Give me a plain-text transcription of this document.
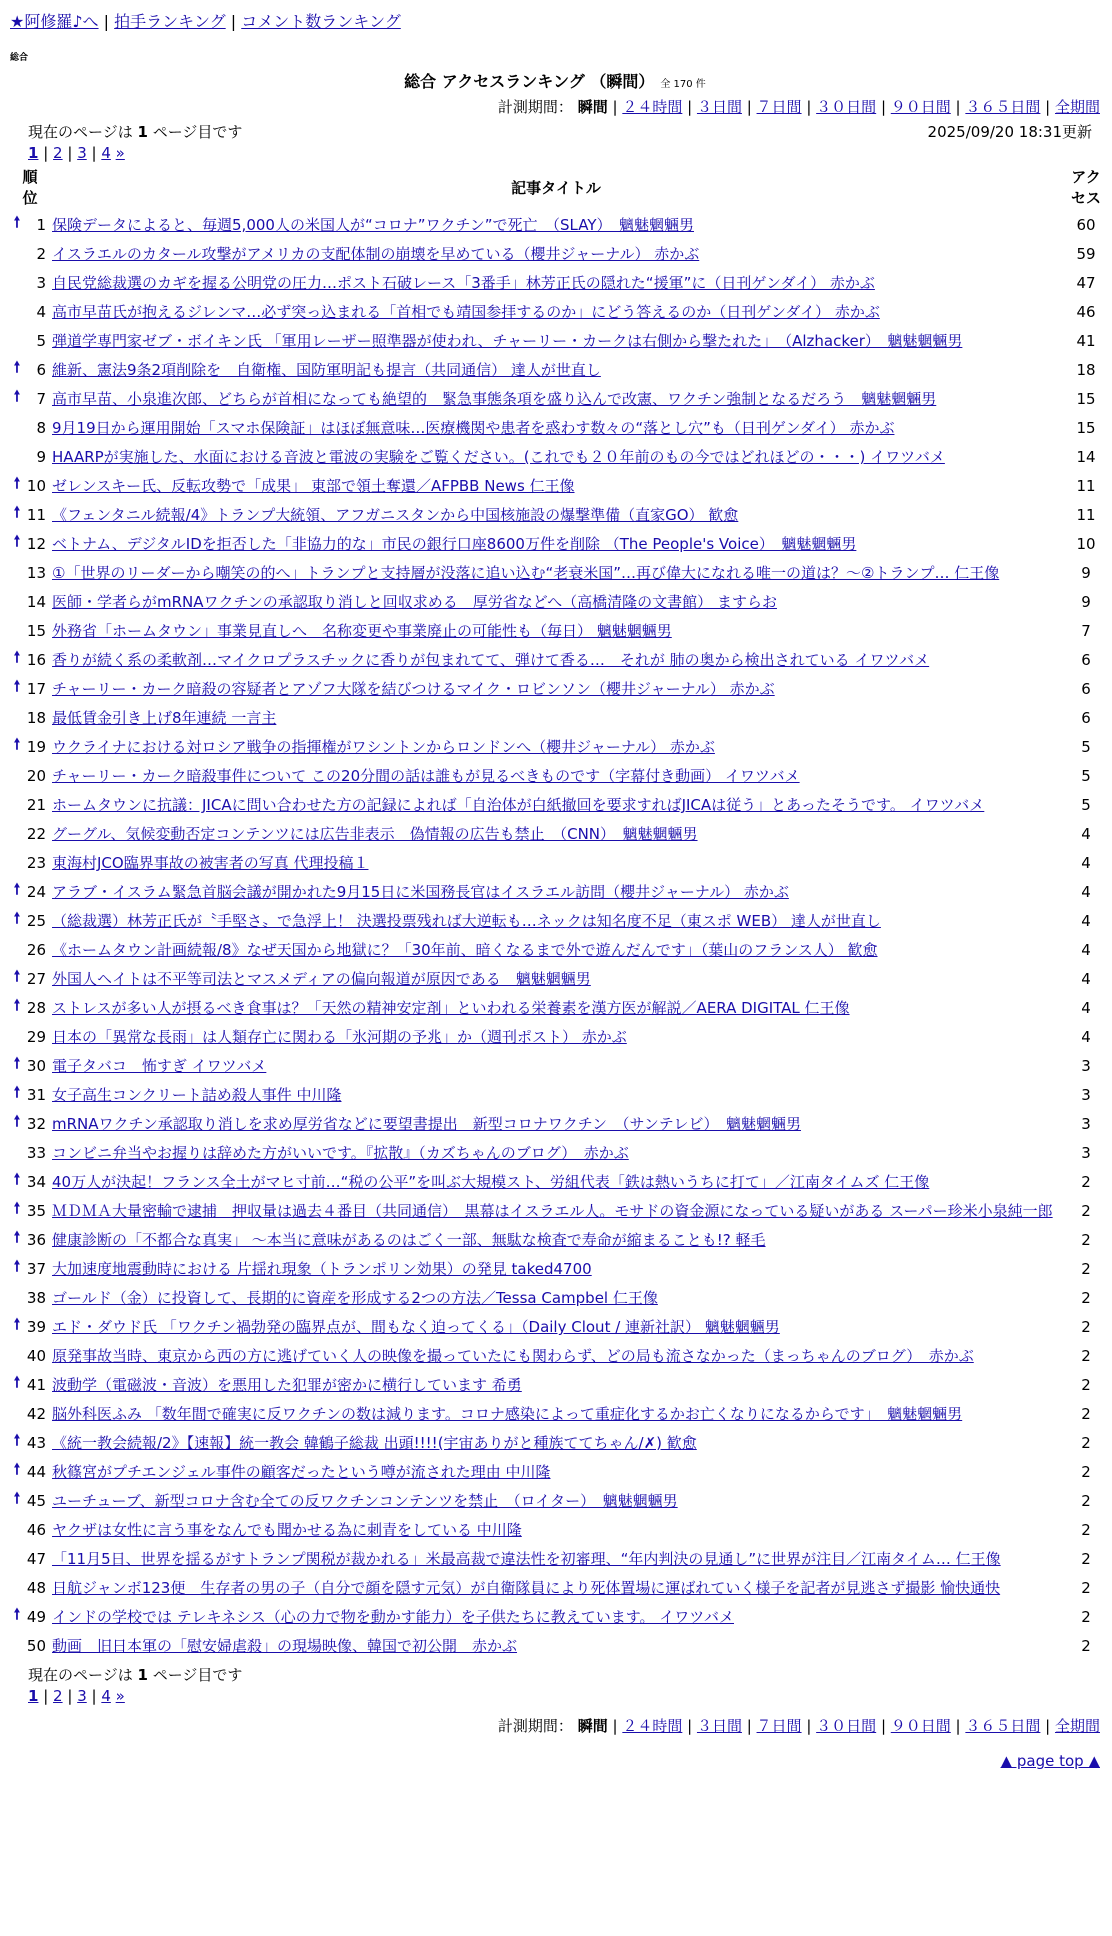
★阿修羅♪へ | 拍手ランキング | コメント数ランキング
総合
総合 アクセスランキング （瞬間） 全 170 件
計測期間： 瞬間 | ２４時間 | ３日間 | ７日間 | ３０日間 | ９０日間 | ３６５日間 | 全期間
現在のページは 1 ページ目です	2025/09/20 18:31更新
1 | 2 | 3 | 4 »
順位		記事タイトル	アクセス
🠕	1	保険データによると、毎週5,000人の米国人が“コロナ”ワクチン”で死亡　（SLAY）　魑魅魍魎男	60
	2	イスラエルのカタール攻撃がアメリカの支配体制の崩壊を早めている（櫻井ジャーナル） 赤かぶ	59
	3	自民党総裁選のカギを握る公明党の圧力…ポスト石破レース「3番手」林芳正氏の隠れた“援軍”に（日刊ゲンダイ） 赤かぶ	47
	4	高市早苗氏が抱えるジレンマ…必ず突っ込まれる「首相でも靖国参拝するのか」にどう答えるのか（日刊ゲンダイ） 赤かぶ	46
	5	弾道学専門家ゼブ・ボイキン氏 「軍用レーザー照準器が使われ、チャーリー・カークは右側から撃たれた」　（Alzhacker）　魑魅魍魎男	41
🠕	6	維新、憲法9条2項削除を　自衛権、国防軍明記も提言（共同通信） 達人が世直し	18
🠕	7	高市早苗、小泉進次郎、どちらが首相になっても絶望的　緊急事態条項を盛り込んで改憲、ワクチン強制となるだろう　魑魅魍魎男	15
	8	9月19日から運用開始「スマホ保険証」はほぼ無意味…医療機関や患者を惑わす数々の“落とし穴”も（日刊ゲンダイ） 赤かぶ	15
	9	HAARPが実施した、水面における音波と電波の実験をご覧ください。(これでも２０年前のもの今ではどれほどの・・・) イワツバメ	14
🠕	10	ゼレンスキー氏、反転攻勢で「成果」 東部で領土奪還／AFPBB News 仁王像	11
🠕	11	《フェンタニル続報/4》トランプ大統領、アフガニスタンから中国核施設の爆撃準備（直家GO） 歓愈	11
🠕	12	ベトナム、デジタルIDを拒否した「非協力的な」市民の銀行口座8600万件を削除 （The People's Voice）　魑魅魍魎男	10
	13	①「世界のリーダーから嘲笑の的へ」トランプと支持層が没落に追い込む“老衰米国”…再び偉大になれる唯一の道は？～②トランプ… 仁王像	9
	14	医師・学者らがmRNAワクチンの承認取り消しと回収求める　厚労省などへ（高橋清隆の文書館） ますらお	9
	15	外務省「ホームタウン」事業見直しへ　名称変更や事業廃止の可能性も（毎日） 魑魅魍魎男	7
🠕	16	香りが続く系の柔軟剤…マイクロプラスチックに香りが包まれてて、弾けて香る…　それが 肺の奥から検出されている イワツバメ	6
🠕	17	チャーリー・カーク暗殺の容疑者とアゾフ大隊を結びつけるマイク・ロビンソン（櫻井ジャーナル） 赤かぶ	6
	18	最低賃金引き上げ8年連続 一言主	6
🠕	19	ウクライナにおける対ロシア戦争の指揮権がワシントンからロンドンへ（櫻井ジャーナル） 赤かぶ	5
	20	チャーリー・カーク暗殺事件について この20分間の話は誰もが見るべきものです（字幕付き動画） イワツバメ	5
	21	ホームタウンに抗議：JICAに問い合わせた方の記録によれば「自治体が白紙撤回を要求すればJICAは従う」とあったそうです。 イワツバメ	5
	22	グーグル、気候変動否定コンテンツには広告非表示　偽情報の広告も禁止　（CNN）　魑魅魍魎男	4
	23	東海村JCO臨界事故の被害者の写真 代理投稿１	4
🠕	24	アラブ・イスラム緊急首脳会議が開かれた9月15日に米国務長官はイスラエル訪問（櫻井ジャーナル） 赤かぶ	4
🠕	25	（総裁選）林芳正氏が〝手堅さ〟で急浮上！ 決選投票残れば大逆転も…ネックは知名度不足（東スポ WEB） 達人が世直し	4
	26	《ホームタウン計画続報/8》なぜ天国から地獄に？「30年前、暗くなるまで外で遊んだんです」（葉山のフランス人） 歓愈	4
🠕	27	外国人ヘイトは不平等司法とマスメディアの偏向報道が原因である　魑魅魍魎男	4
🠕	28	ストレスが多い人が摂るべき食事は？「天然の精神安定剤」といわれる栄養素を漢方医が解説／AERA DIGITAL 仁王像	4
	29	日本の「異常な長雨」は人類存亡に関わる「氷河期の予兆」か（週刊ポスト） 赤かぶ	4
🠕	30	電子タバコ　怖すぎ イワツバメ	3
🠕	31	女子高生コンクリート詰め殺人事件 中川隆	3
🠕	32	mRNAワクチン承認取り消しを求め厚労省などに要望書提出　新型コロナワクチン　（サンテレビ）　魑魅魍魎男	3
	33	コンビニ弁当やお握りは辞めた方がいいです。『拡散』（カズちゃんのブログ）　赤かぶ	3
🠕	34	40万人が決起！フランス全土がマヒ寸前…“税の公平”を叫ぶ大規模スト、労組代表「鉄は熱いうちに打て」／江南タイムズ 仁王像	2
🠕	35	ＭＤＭＡ大量密輸で逮捕　押収量は過去４番目（共同通信）　黒幕はイスラエル人。モサドの資金源になっている疑いがある スーパー珍米小泉純一郎	2
🠕	36	健康診断の「不都合な真実」 ～本当に意味があるのはごく一部、無駄な検査で寿命が縮まることも!? 軽毛	2
🠕	37	大加速度地震動時における 片揺れ現象（トランポリン効果）の発見 taked4700	2
	38	ゴールド（金）に投資して、長期的に資産を形成する2つの方法／Tessa Campbel 仁王像	2
🠕	39	エド・ダウド氏 「ワクチン禍勃発の臨界点が、間もなく迫ってくる」（Daily Clout / 連新社訳） 魑魅魍魎男	2
	40	原発事故当時、東京から西の方に逃げていく人の映像を撮っていたにも関わらず、どの局も流さなかった（まっちゃんのブログ）　赤かぶ	2
🠕	41	波動学（電磁波・音波）を悪用した犯罪が密かに横行しています 希勇	2
	42	脳外科医ふみ 「数年間で確実に反ワクチンの数は減ります。コロナ感染によって重症化するかお亡くなりになるからです」　魑魅魍魎男	2
🠕	43	《統一教会続報/2》【速報】統一教会 韓鶴子総裁 出頭!!!!(宇宙ありがと種族ててちゃん/✗) 歓愈	2
🠕	44	秋篠宮がプチエンジェル事件の顧客だったという噂が流された理由 中川隆	2
🠕	45	ユーチューブ、新型コロナ含む全ての反ワクチンコンテンツを禁止　（ロイター）　魑魅魍魎男	2
	46	ヤクザは女性に言う事をなんでも聞かせる為に刺青をしている 中川隆	2
	47	「11月5日、世界を揺るがすトランプ関税が裁かれる」米最高裁で違法性を初審理、“年内判決の見通し”に世界が注目／江南タイム… 仁王像	2
	48	日航ジャンボ123便　生存者の男の子（自分で顔を隠す元気）が自衛隊員により死体置場に運ばれていく様子を記者が見逃さず撮影 愉快通快	2
🠕	49	インドの学校では テレキネシス（心の力で物を動かす能力）を子供たちに教えています。 イワツバメ	2
	50	動画　旧日本軍の「慰安婦虐殺」の現場映像、韓国で初公開　赤かぶ	2
現在のページは 1 ページ目です
1 | 2 | 3 | 4 »
計測期間： 瞬間 | ２４時間 | ３日間 | ７日間 | ３０日間 | ９０日間 | ３６５日間 | 全期間
▲ page top ▲
